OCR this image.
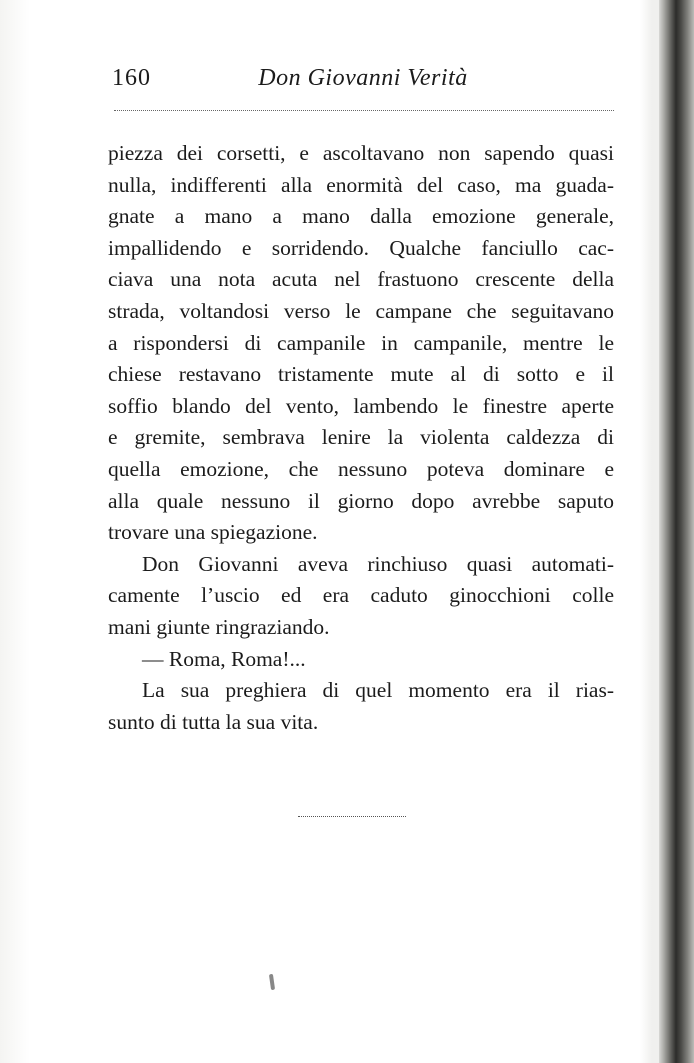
Don Giovanni Verità
160
piezza dei corsetti, e ascoltavano non sapendo quasi
nulla, indifferenti alla enormità del caso, ma guada-
gnate a mano a mano dalla emozione generale,
impallidendo e sorridendo. Qualche fanciullo cac-
ciava una nota acuta nel frastuono crescente della
strada, voltandosi verso le campane che seguitavano
a rispondersi di campanile in campanile, mentre le
chiese restavano tristamente mute al di sotto e il
soffio blando del vento, lambendo le finestre aperte
e gremite, sembrava lenire la violenta caldezza di
quella emozione, che nessuno poteva dominare e
alla quale nessuno il giorno dopo avrebbe saputo
trovare una spiegazione.
Don Giovanni aveva rinchiuso quasi automati-
camente l’uscio ed era caduto ginocchioni colle
mani giunte ringraziando.
— Roma, Roma!...
La sua preghiera di quel momento era il rias-
sunto di tutta la sua vita.
